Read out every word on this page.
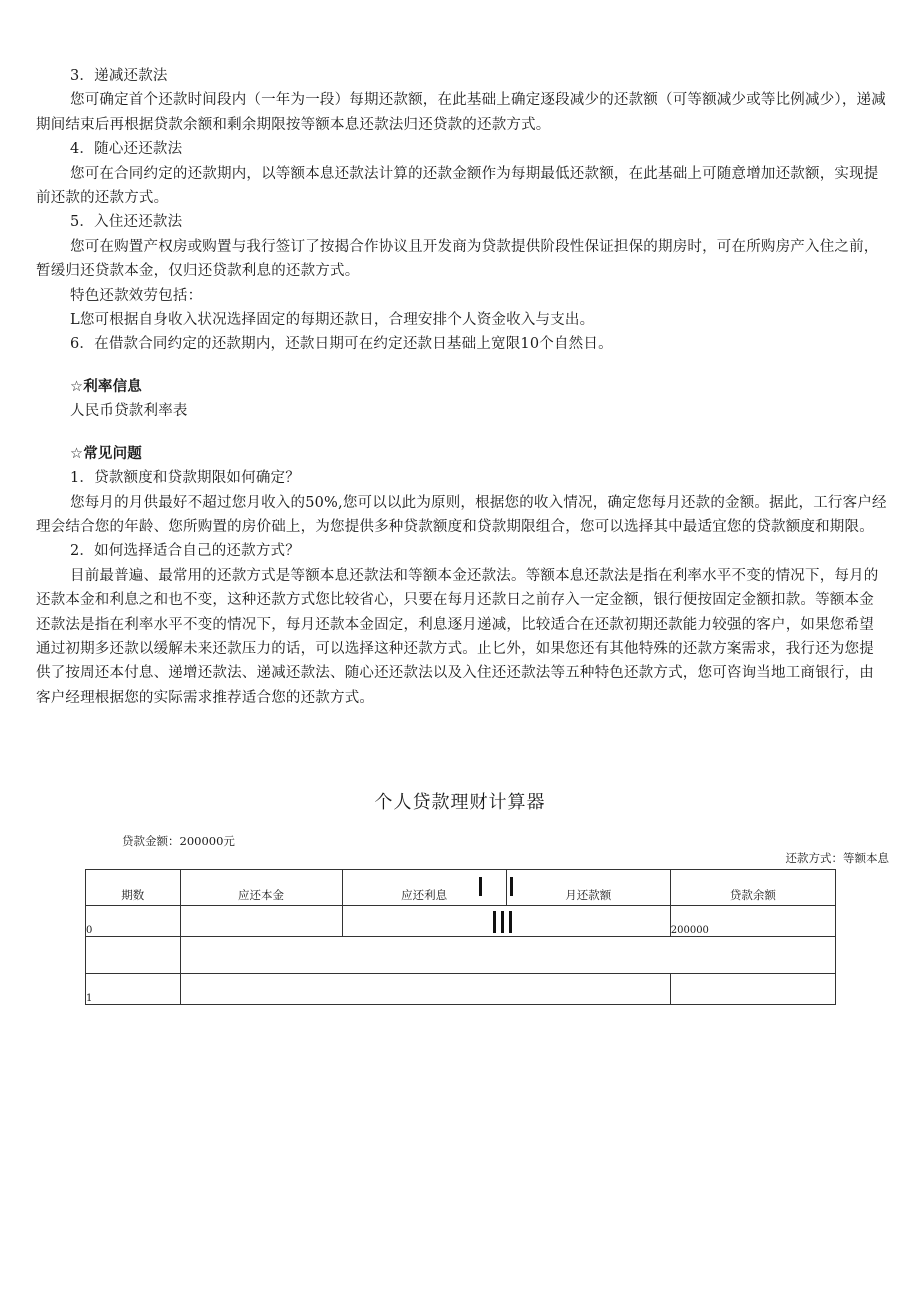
3．递减还款法

您可确定首个还款时间段内（一年为一段）每期还款额，在此基础上确定逐段减少的还款额（可等额减少或等比例减少），递减期间结束后再根据贷款余额和剩余期限按等额本息还款法归还贷款的还款方式。

4．随心还还款法

您可在合同约定的还款期内，以等额本息还款法计算的还款金额作为每期最低还款额，在此基础上可随意增加还款额，实现提前还款的还款方式。

5．入住还还款法

您可在购置产权房或购置与我行签订了按揭合作协议且开发商为贷款提供阶段性保证担保的期房时，可在所购房产入住之前，暂缓归还贷款本金，仅归还贷款利息的还款方式。

特色还款效劳包括：

L您可根据自身收入状况选择固定的每期还款日，合理安排个人资金收入与支出。

6．在借款合同约定的还款期内，还款日期可在约定还款日基础上宽限10个自然日。

☆利率信息

人民币贷款利率表

☆常见问题

1．贷款额度和贷款期限如何确定？

您每月的月供最好不超过您月收入的50%,您可以以此为原则，根据您的收入情况，确定您每月还款的金额。据此，工行客户经理会结合您的年龄、您所购置的房价础上，为您提供多种贷款额度和贷款期限组合，您可以选择其中最适宜您的贷款额度和期限。

2．如何选择适合自己的还款方式？

目前最普遍、最常用的还款方式是等额本息还款法和等额本金还款法。等额本息还款法是指在利率水平不变的情况下，每月的还款本金和利息之和也不变，这种还款方式您比较省心，只要在每月还款日之前存入一定金额，银行便按固定金额扣款。等额本金还款法是指在利率水平不变的情况下，每月还款本金固定，利息逐月递减，比较适合在还款初期还款能力较强的客户，如果您希望通过初期多还款以缓解未来还款压力的话，可以选择这种还款方式。止匕外，如果您还有其他特殊的还款方案需求，我行还为您提供了按周还本付息、递增还款法、递减还款法、随心还还款法以及入住还还款法等五种特色还款方式，您可咨询当地工商银行，由客户经理根据您的实际需求推荐适合您的还款方式。

个人贷款理财计算器
贷款金额：200000元
还款方式：等额本息
期数	应还本金	应还利息	月还款额	贷款余额
0				200000

1				
